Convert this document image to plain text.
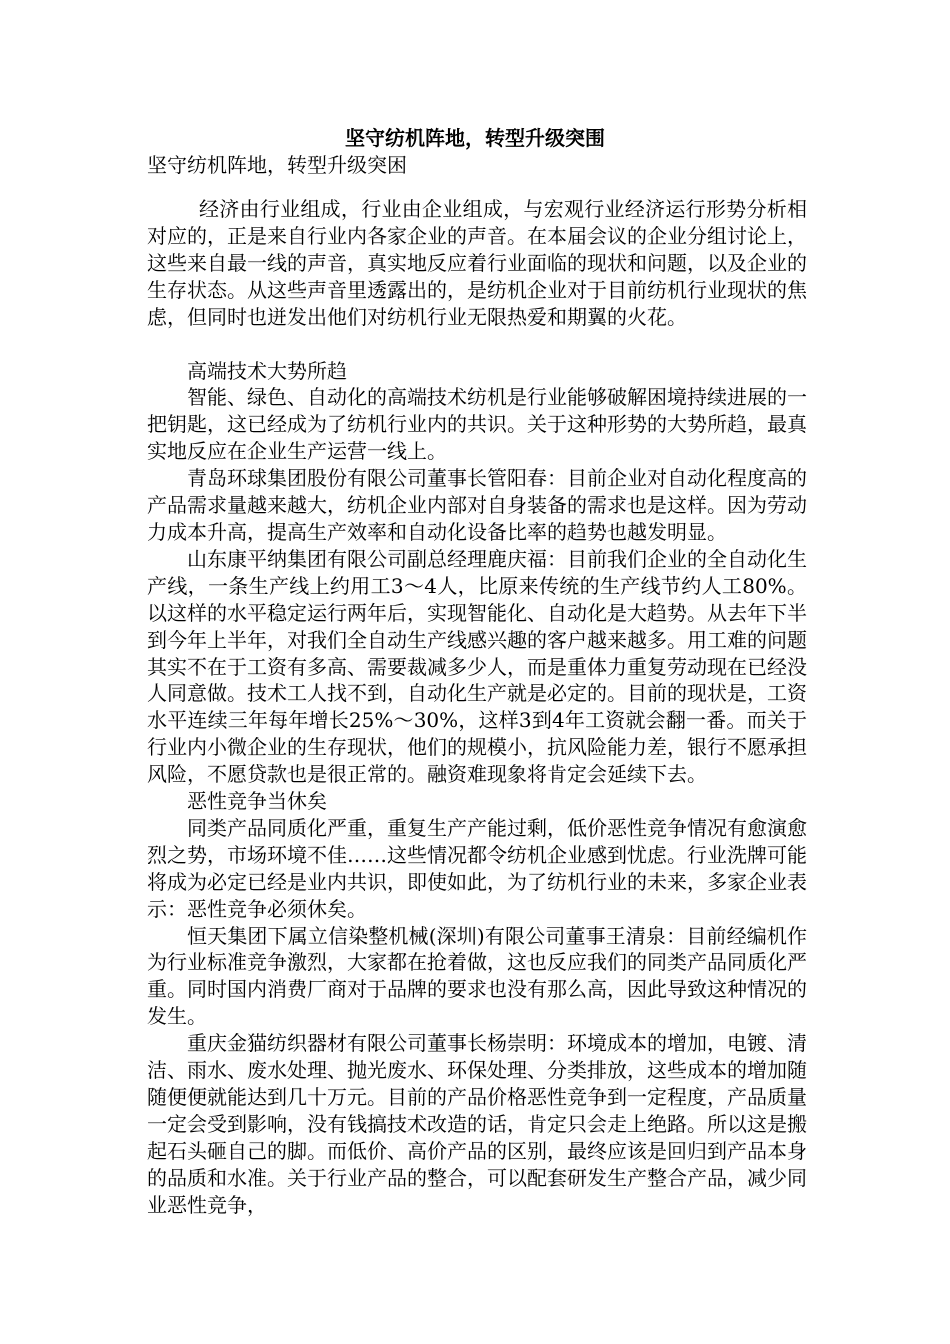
坚守纺机阵地，转型升级突围
坚守纺机阵地，转型升级突困

经济由行业组成，行业由企业组成，与宏观行业经济运行形势分析相对应的，正是来自行业内各家企业的声音。在本届会议的企业分组讨论上，这些来自最一线的声音，真实地反应着行业面临的现状和问题，以及企业的生存状态。从这些声音里透露出的，是纺机企业对于目前纺机行业现状的焦虑，但同时也迸发出他们对纺机行业无限热爱和期翼的火花。

高端技术大势所趋

智能、绿色、自动化的高端技术纺机是行业能够破解困境持续进展的一把钥匙，这已经成为了纺机行业内的共识。关于这种形势的大势所趋，最真实地反应在企业生产运营一线上。

青岛环球集团股份有限公司董事长管阳春：目前企业对自动化程度高的产品需求量越来越大，纺机企业内部对自身装备的需求也是这样。因为劳动力成本升高，提高生产效率和自动化设备比率的趋势也越发明显。

山东康平纳集团有限公司副总经理鹿庆福：目前我们企业的全自动化生产线，一条生产线上约用工3～4人，比原来传统的生产线节约人工80%。以这样的水平稳定运行两年后，实现智能化、自动化是大趋势。从去年下半到今年上半年，对我们全自动生产线感兴趣的客户越来越多。用工难的问题其实不在于工资有多高、需要裁减多少人，而是重体力重复劳动现在已经没人同意做。技术工人找不到，自动化生产就是必定的。目前的现状是，工资水平连续三年每年增长25%～30%，这样3到4年工资就会翻一番。而关于行业内小微企业的生存现状，他们的规模小，抗风险能力差，银行不愿承担风险，不愿贷款也是很正常的。融资难现象将肯定会延续下去。

恶性竞争当休矣

同类产品同质化严重，重复生产产能过剩，低价恶性竞争情况有愈演愈烈之势，市场环境不佳……这些情况都令纺机企业感到忧虑。行业洗牌可能将成为必定已经是业内共识，即使如此，为了纺机行业的未来，多家企业表示：恶性竞争必须休矣。

恒天集团下属立信染整机械(深圳)有限公司董事王清泉：目前经编机作为行业标准竞争激烈，大家都在抢着做，这也反应我们的同类产品同质化严重。同时国内消费厂商对于品牌的要求也没有那么高，因此导致这种情况的发生。

重庆金猫纺织器材有限公司董事长杨崇明：环境成本的增加，电镀、清洁、雨水、废水处理、抛光废水、环保处理、分类排放，这些成本的增加随随便便就能达到几十万元。目前的产品价格恶性竞争到一定程度，产品质量一定会受到影响，没有钱搞技术改造的话，肯定只会走上绝路。所以这是搬起石头砸自己的脚。而低价、高价产品的区别，最终应该是回归到产品本身的品质和水准。关于行业产品的整合，可以配套研发生产整合产品，减少同业恶性竞争，
